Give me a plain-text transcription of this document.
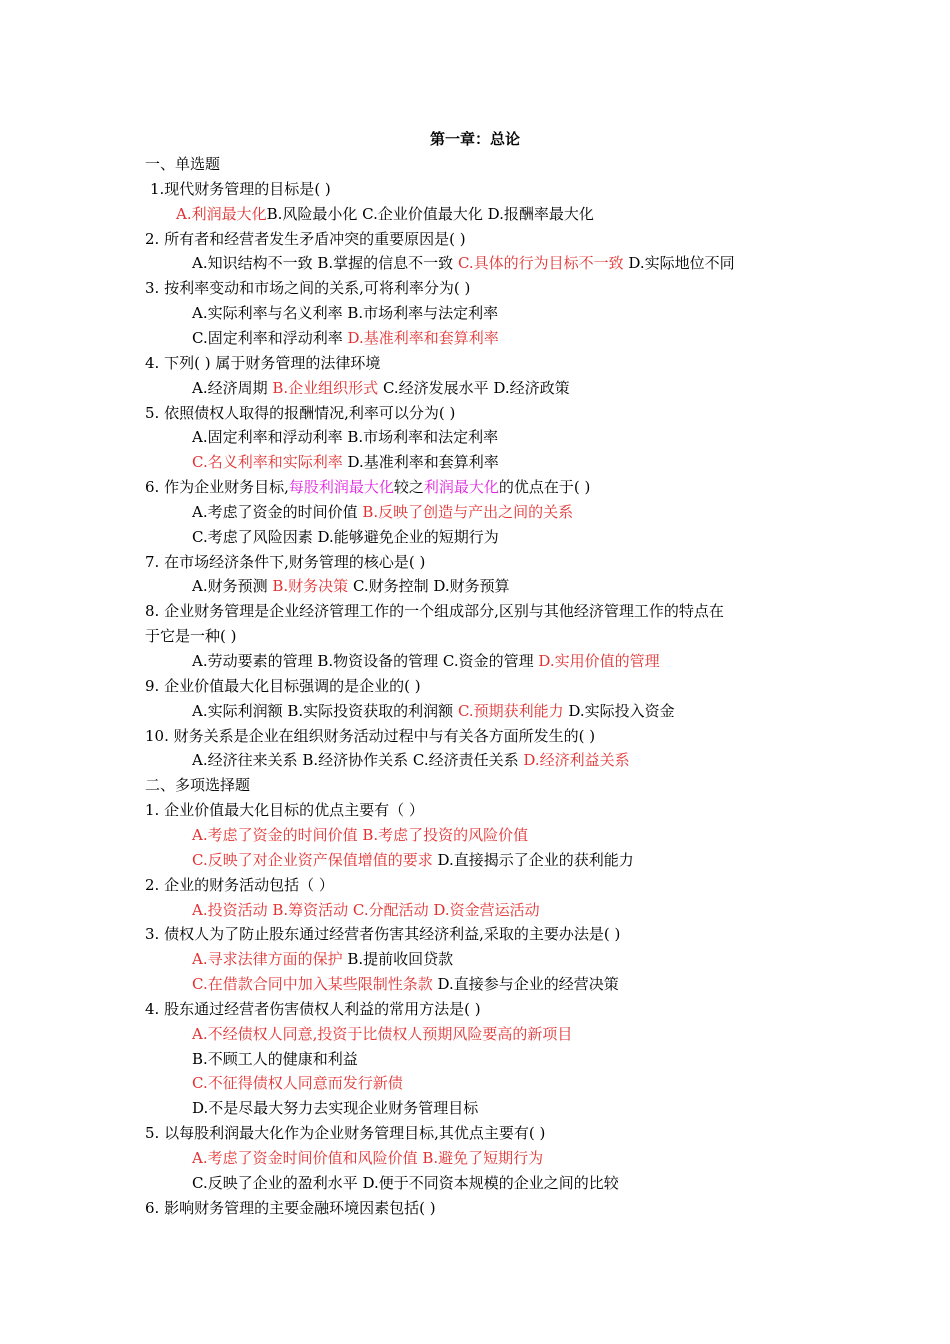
第一章：总论
一、单选题
1.现代财务管理的目标是( )
A.利润最大化B.风险最小化 C.企业价值最大化 D.报酬率最大化
2. 所有者和经营者发生矛盾冲突的重要原因是( )
A.知识结构不一致 B.掌握的信息不一致 C.具体的行为目标不一致 D.实际地位不同
3. 按利率变动和市场之间的关系,可将利率分为( )
A.实际利率与名义利率 B.市场利率与法定利率
C.固定利率和浮动利率 D.基准利率和套算利率
4. 下列( ) 属于财务管理的法律环境
A.经济周期 B.企业组织形式 C.经济发展水平 D.经济政策
5. 依照债权人取得的报酬情况,利率可以分为( )
A.固定利率和浮动利率 B.市场利率和法定利率
C.名义利率和实际利率 D.基准利率和套算利率
6. 作为企业财务目标,每股利润最大化较之利润最大化的优点在于( )
A.考虑了资金的时间价值 B.反映了创造与产出之间的关系
C.考虑了风险因素 D.能够避免企业的短期行为
7. 在市场经济条件下,财务管理的核心是( )
A.财务预测 B.财务决策 C.财务控制 D.财务预算
8. 企业财务管理是企业经济管理工作的一个组成部分,区别与其他经济管理工作的特点在
于它是一种( )
A.劳动要素的管理 B.物资设备的管理 C.资金的管理 D.实用价值的管理
9. 企业价值最大化目标强调的是企业的( )
A.实际利润额 B.实际投资获取的利润额 C.预期获利能力 D.实际投入资金
10. 财务关系是企业在组织财务活动过程中与有关各方面所发生的( )
A.经济往来关系 B.经济协作关系 C.经济责任关系 D.经济利益关系
二、多项选择题
1. 企业价值最大化目标的优点主要有（ ）
A.考虑了资金的时间价值 B.考虑了投资的风险价值
C.反映了对企业资产保值增值的要求 D.直接揭示了企业的获利能力
2. 企业的财务活动包括（ ）
A.投资活动 B.筹资活动 C.分配活动 D.资金营运活动
3. 债权人为了防止股东通过经营者伤害其经济利益,采取的主要办法是( )
A.寻求法律方面的保护 B.提前收回贷款
C.在借款合同中加入某些限制性条款 D.直接参与企业的经营决策
4. 股东通过经营者伤害债权人利益的常用方法是( )
A.不经债权人同意,投资于比债权人预期风险要高的新项目
B.不顾工人的健康和利益
C.不征得债权人同意而发行新债
D.不是尽最大努力去实现企业财务管理目标
5. 以每股利润最大化作为企业财务管理目标,其优点主要有( )
A.考虑了资金时间价值和风险价值 B.避免了短期行为
C.反映了企业的盈利水平 D.便于不同资本规模的企业之间的比较
6. 影响财务管理的主要金融环境因素包括( )
